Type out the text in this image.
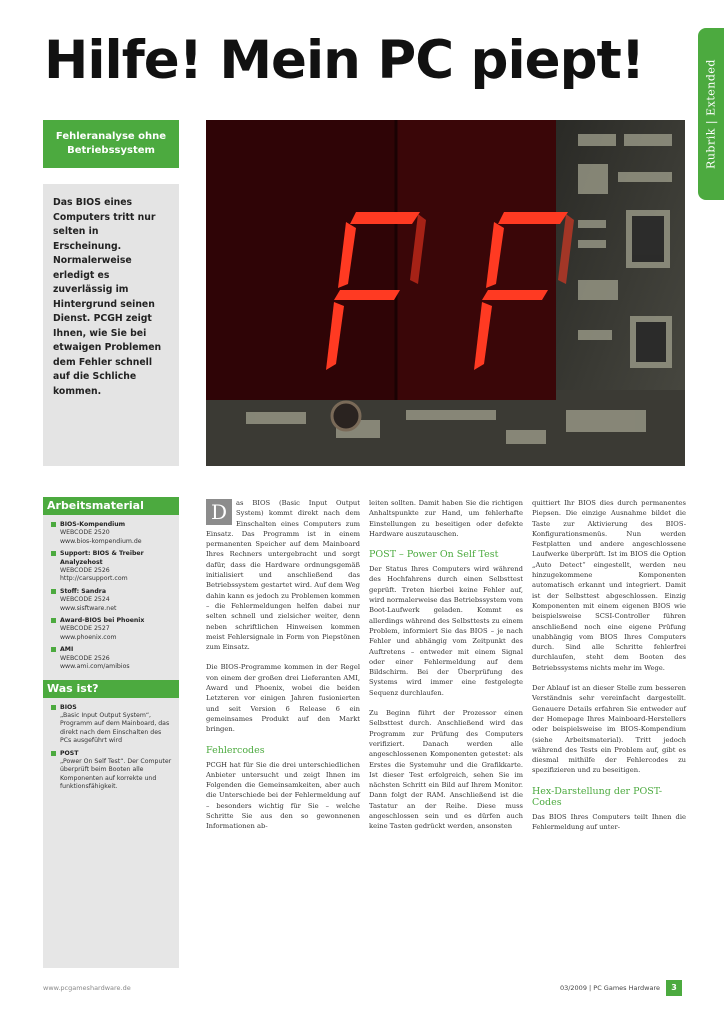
Hilfe! Mein PC piept!	Rubrik | Extended
Fehleranalyse ohne Betriebssystem
Das BIOS eines Computers tritt nur selten in Erscheinung. Normalerweise erledigt es zuverlässig im Hintergrund seinen Dienst. PCGH zeigt Ihnen, wie Sie bei etwaigen Problemen dem Fehler schnell auf die Schliche kommen.
Arbeitsmaterial
BIOS-Kompendium
WEBCODE 2520
www.bios-kompendium.de
Support: BIOS & Treiber Analyzehost
WEBCODE 2526
http://carsupport.com
Stoff: Sandra
WEBCODE 2524
www.sisftware.net
Award-BIOS bei Phoenix
WEBCODE 2527
www.phoenix.com
AMI
WEBCODE 2526
www.ami.com/amibios
Was ist?
BIOS
„Basic Input Output System“, Programm auf dem Mainboard, das direkt nach dem Einschalten des PCs ausgeführt wird
POST
„Power On Self Test“. Der Computer überprüft beim Booten alle Komponenten auf korrekte und funktionsfähigkeit.

D	as BIOS (Basic Input Output System) kommt direkt nach dem Einschalten eines Computers zum Einsatz. Das Programm ist in einem permanenten Speicher auf dem Mainboard Ihres Rechners untergebracht und sorgt dafür, dass die Hardware ordnungsgemäß initialisiert und anschließend das Betriebssystem gestartet wird. Auf dem Weg dahin kann es jedoch zu Problemen kommen – die Fehlermeldungen helfen dabei nur selten schnell und zielsicher weiter, denn neben schriftlichen Hinweisen kommen meist Fehlersignale in Form von Piepstönen zum Einsatz.

Die BIOS-Programme kommen in der Regel von einem der großen drei Lieferanten AMI, Award und Phoenix, wobei die beiden Letzteren vor einigen Jahren fusionierten und seit Version 6 Release 6 ein gemeinsames Produkt auf den Markt bringen.

Fehlercodes

PCGH hat für Sie die drei unterschiedlichen Anbieter untersucht und zeigt Ihnen im Folgenden die Gemeinsamkeiten, aber auch die Unterschiede bei der Fehlermeldung auf – besonders wichtig für Sie – welche Schritte Sie aus den so gewonnenen Informationen ab-

leiten sollten. Damit haben Sie die richtigen Anhaltspunkte zur Hand, um fehlerhafte Einstellungen zu beseitigen oder defekte Hardware auszutauschen.

POST – Power On Self Test

Der Status Ihres Computers wird während des Hochfahrens durch einen Selbsttest geprüft. Treten hierbei keine Fehler auf, wird normalerweise das Betriebssystem vom Boot-Laufwerk geladen. Kommt es allerdings während des Selbsttests zu einem Problem, informiert Sie das BIOS – je nach Fehler und abhängig vom Zeitpunkt des Auftretens – entweder mit einem Signal oder einer Fehlermeldung auf dem Bildschirm. Bei der Überprüfung des Systems wird immer eine festgelegte Sequenz durchlaufen.

Zu Beginn führt der Prozessor einen Selbsttest durch. Anschließend wird das Programm zur Prüfung des Computers verifiziert. Danach werden alle angeschlossenen Komponenten getestet: als Erstes die Systemuhr und die Grafikkarte. Ist dieser Test erfolgreich, sehen Sie im nächsten Schritt ein Bild auf Ihrem Monitor. Dann folgt der RAM. Anschließend ist die Tastatur an der Reihe. Diese muss angeschlossen sein und es dürfen auch keine Tasten gedrückt werden, ansonsten

quittiert Ihr BIOS dies durch permanentes Piepsen. Die einzige Ausnahme bildet die Taste zur Aktivierung des BIOS-Konfigurationsmenüs. Nun werden Festplatten und andere angeschlossene Laufwerke überprüft. Ist im BIOS die Option „Auto Detect“ eingestellt, werden neu hinzugekommene Komponenten automatisch erkannt und integriert. Damit ist der Selbsttest abgeschlossen. Einzig Komponenten mit einem eigenen BIOS wie beispielsweise SCSI-Controller führen anschließend noch eine eigene Prüfung unabhängig vom BIOS Ihres Computers durch. Sind alle Schritte fehlerfrei durchlaufen, steht dem Booten des Betriebssystems nichts mehr im Wege.

Der Ablauf ist an dieser Stelle zum besseren Verständnis sehr vereinfacht dargestellt. Genauere Details erfahren Sie entweder auf der Homepage Ihres Mainboard-Herstellers oder beispielsweise im BIOS-Kompendium (siehe Arbeitsmaterial). Tritt jedoch während des Tests ein Problem auf, gibt es diesmal mithilfe der Fehlercodes zu spezifizieren und zu beseitigen.

Hex-Darstellung der POST-Codes

Das BIOS Ihres Computers teilt Ihnen die Fehlermeldung auf unter-

www.pcgameshardware.de	03/2009 | PC Games Hardware	3
